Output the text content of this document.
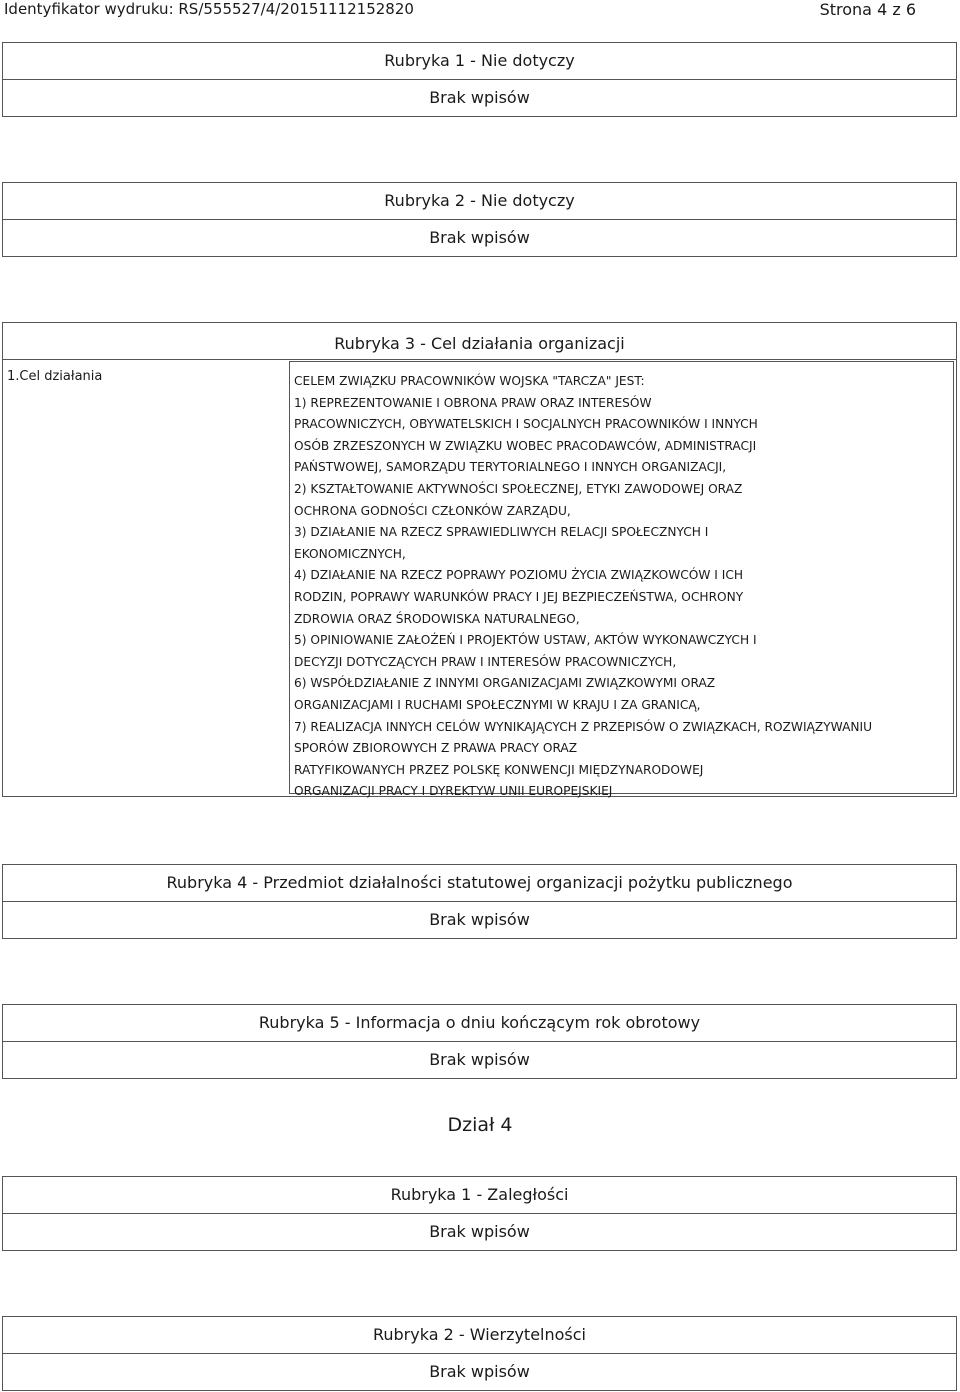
Identyfikator wydruku: RS/555527/4/20151112152820	Strona 4 z 6
Rubryka 1 - Nie dotyczy
Brak wpisów
Rubryka 2 - Nie dotyczy
Brak wpisów
Rubryka 3 - Cel działania organizacji
1.Cel działania	CELEM ZWIĄZKU PRACOWNIKÓW WOJSKA "TARCZA" JEST:
1) REPREZENTOWANIE I OBRONA PRAW ORAZ INTERESÓW
PRACOWNICZYCH, OBYWATELSKICH I SOCJALNYCH PRACOWNIKÓW I INNYCH
OSÓB ZRZESZONYCH W ZWIĄZKU WOBEC PRACODAWCÓW, ADMINISTRACJI
PAŃSTWOWEJ, SAMORZĄDU TERYTORIALNEGO I INNYCH ORGANIZACJI,
2) KSZTAŁTOWANIE AKTYWNOŚCI SPOŁECZNEJ, ETYKI ZAWODOWEJ ORAZ
OCHRONA GODNOŚCI CZŁONKÓW ZARZĄDU,
3) DZIAŁANIE NA RZECZ SPRAWIEDLIWYCH RELACJI SPOŁECZNYCH I
EKONOMICZNYCH,
4) DZIAŁANIE NA RZECZ POPRAWY POZIOMU ŻYCIA ZWIĄZKOWCÓW I ICH
RODZIN, POPRAWY WARUNKÓW PRACY I JEJ BEZPIECZEŃSTWA, OCHRONY
ZDROWIA ORAZ ŚRODOWISKA NATURALNEGO,
5) OPINIOWANIE ZAŁOŻEŃ I PROJEKTÓW USTAW, AKTÓW WYKONAWCZYCH I
DECYZJI DOTYCZĄCYCH PRAW I INTERESÓW PRACOWNICZYCH,
6) WSPÓŁDZIAŁANIE Z INNYMI ORGANIZACJAMI ZWIĄZKOWYMI ORAZ
ORGANIZACJAMI I RUCHAMI SPOŁECZNYMI W KRAJU I ZA GRANICĄ,
7) REALIZACJA INNYCH CELÓW WYNIKAJĄCYCH Z PRZEPISÓW O ZWIĄZKACH, ROZWIĄZYWANIU
SPORÓW ZBIOROWYCH Z PRAWA PRACY ORAZ
RATYFIKOWANYCH PRZEZ POLSKĘ KONWENCJI MIĘDZYNARODOWEJ
ORGANIZACJI PRACY I DYREKTYW UNII EUROPEJSKIEJ
Rubryka 4 - Przedmiot działalności statutowej organizacji pożytku publicznego
Brak wpisów
Rubryka 5 - Informacja o dniu kończącym rok obrotowy
Brak wpisów
Dział 4
Rubryka 1 - Zaległości
Brak wpisów
Rubryka 2 - Wierzytelności
Brak wpisów
